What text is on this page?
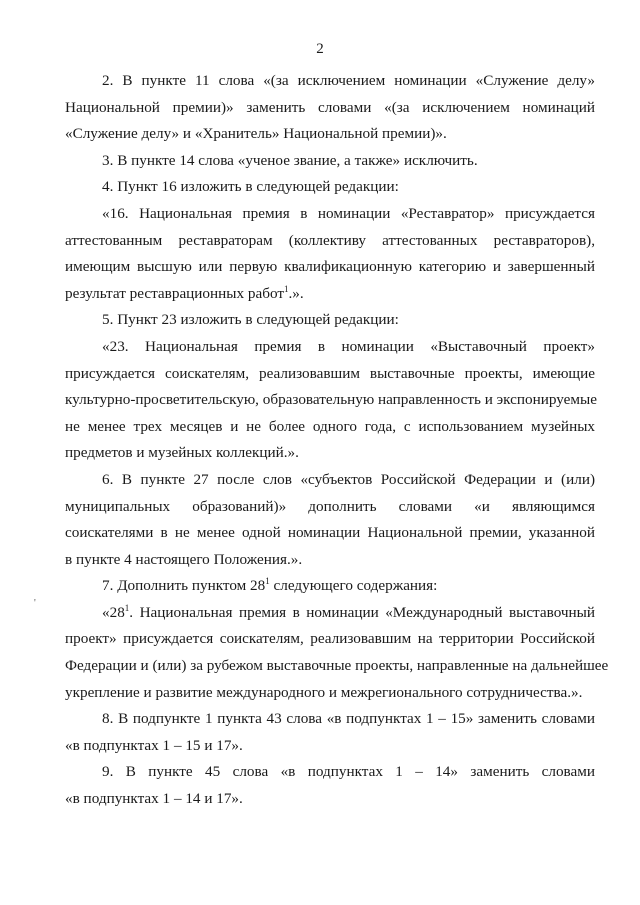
2
'
2. В пункте 11 слова «(за исключением номинации «Служение делу»
Национальной премии)» заменить словами «(за исключением номинаций
«Служение делу» и «Хранитель» Национальной премии)».
3. В пункте 14 слова «ученое звание, а также» исключить.
4. Пункт 16 изложить в следующей редакции:
«16. Национальная премия в номинации «Реставратор» присуждается
аттестованным реставраторам (коллективу аттестованных реставраторов),
имеющим высшую или первую квалификационную категорию и завершенный
результат реставрационных работ$^1$.».
5. Пункт 23 изложить в следующей редакции:
«23. Национальная премия в номинации «Выставочный проект»
присуждается соискателям, реализовавшим выставочные проекты, имеющие
культурно-просветительскую, образовательную направленность и экспонируемые
не менее трех месяцев и не более одного года, с использованием музейных
предметов и музейных коллекций.».
6. В пункте 27 после слов «субъектов Российской Федерации и (или)
муниципальных образований)» дополнить словами «и являющимся
соискателями в не менее одной номинации Национальной премии, указанной
в пункте 4 настоящего Положения.».
7. Дополнить пунктом $28^1$ следующего содержания:
«$28^1$. Национальная премия в номинации «Международный выставочный
проект» присуждается соискателям, реализовавшим на территории Российской
Федерации и (или) за рубежом выставочные проекты, направленные на дальнейшее
укрепление и развитие международного и межрегионального сотрудничества.».
8. В подпункте 1 пункта 43 слова «в подпунктах 1 – 15» заменить словами
«в подпунктах 1 – 15 и 17».
9. В пункте 45 слова «в подпунктах 1 – 14» заменить словами
«в подпунктах 1 – 14 и 17».
